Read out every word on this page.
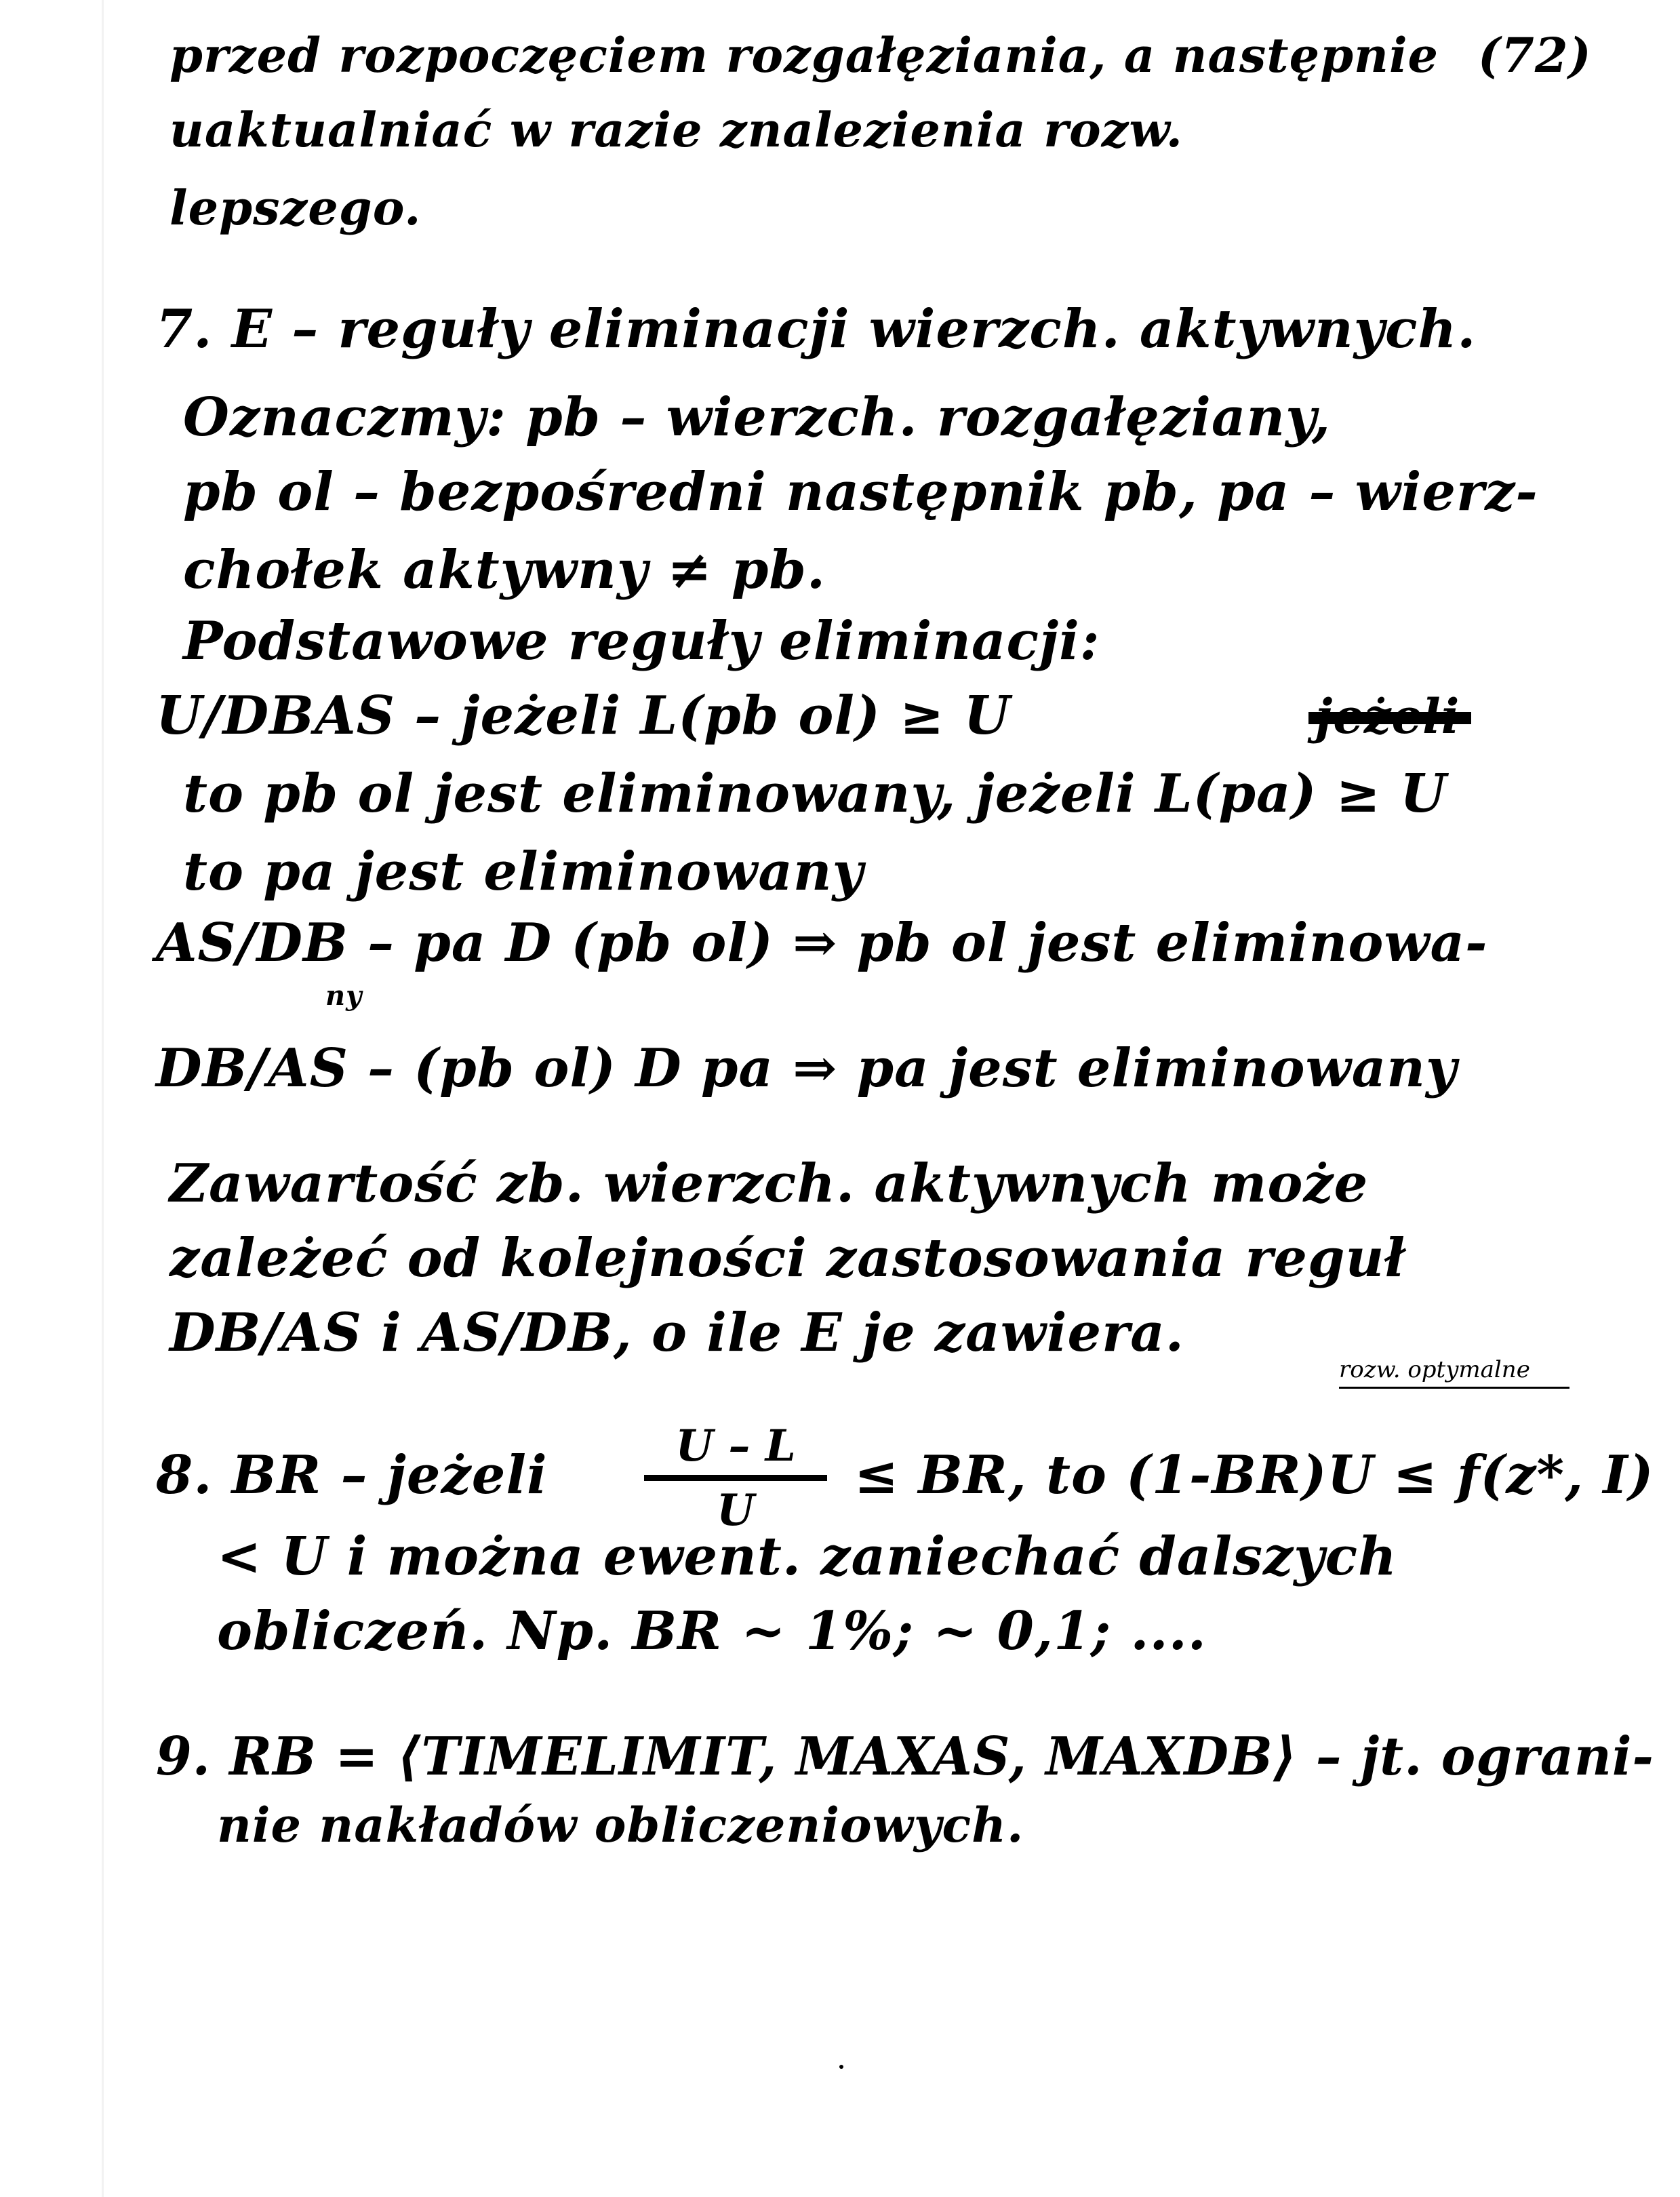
przed rozpoczęciem rozgałęziania, a następnie (72)
uaktualniać w razie znalezienia rozw.
lepszego.
7. E – reguły eliminacji wierzch. aktywnych.
Oznaczmy: pb – wierzch. rozgałęziany,
pb ol – bezpośredni następnik pb, pa – wierz-
chołek aktywny ≠ pb.
Podstawowe reguły eliminacji:
U/DBAS – jeżeli L(pb ol) ≥ U
to pb ol jest eliminowany, jeżeli L(pa) ≥ U
to pa jest eliminowany
AS/DB – pa D (pb ol) ⇒ pb ol jest eliminowa-
ny
DB/AS – (pb ol) D pa ⇒ pa jest eliminowany
Zawartość zb. wierzch. aktywnych może
zależeć od kolejności zastosowania reguł
DB/AS i AS/DB, o ile E je zawiera.
rozw. optymalne
8. BR – jeżeli	U – L
U
≤ BR, to (1-BR)U ≤ f(z*, I)
< U i można ewent. zaniechać dalszych
obliczeń. Np. BR ~ 1%; ~ 0,1; ....
9. RB = ⟨TIMELIMIT, MAXAS, MAXDB⟩ – jt. ograni-
nie nakładów obliczeniowych.
